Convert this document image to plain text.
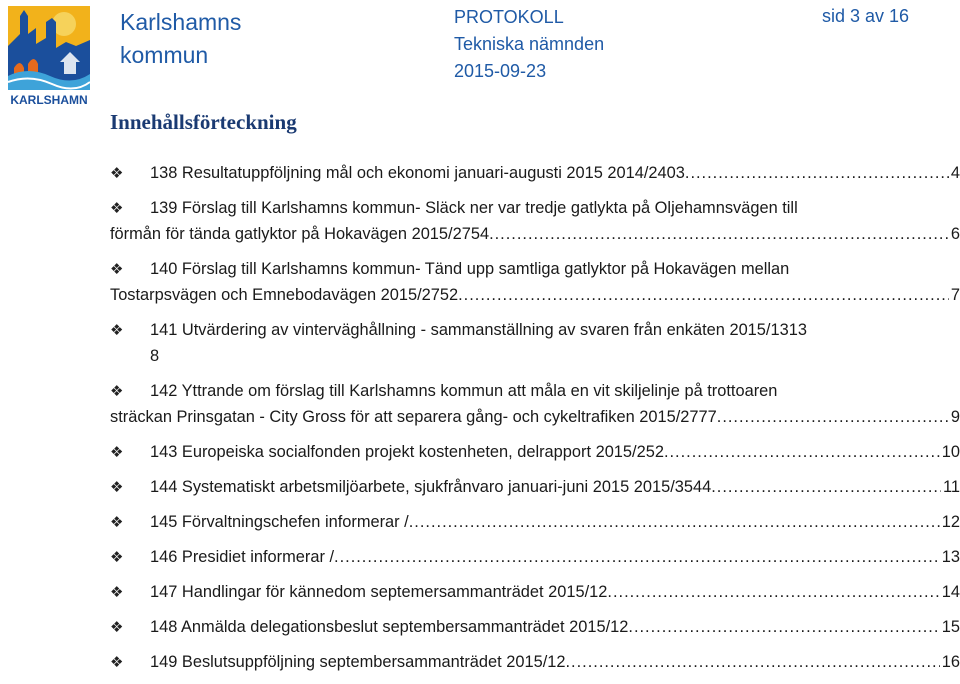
KARLSHAMN
Karlshamns
kommun
PROTOKOLL
Tekniska nämnden
2015-09-23
sid 3 av 16
Innehållsförteckning
❖ 138 Resultatuppföljning mål och ekonomi januari-augusti 2015 2014/2403 .....	4
❖	139 Förslag till Karlshamns kommun- Släck ner var tredje gatlykta på Oljehamnsvägen till
förmån för tända gatlyktor på Hokavägen 2015/2754 .....	6
❖	140 Förslag till Karlshamns kommun- Tänd upp samtliga gatlyktor på Hokavägen mellan
Tostarpsvägen och Emnebodavägen 2015/2752 .....	7
❖ 141 Utvärdering av vinterväghållning - sammanställning av svaren från enkäten 2015/1313
8
❖	142 Yttrande om förslag till Karlshamns kommun att måla en vit skiljelinje på trottoaren
sträckan Prinsgatan - City Gross för att separera gång- och cykeltrafiken 2015/2777 .....	9
❖ 143 Europeiska socialfonden projekt kostenheten, delrapport 2015/252 .....	10
❖ 144 Systematiskt arbetsmiljöarbete, sjukfrånvaro januari-juni 2015 2015/3544 .....	11
❖ 145 Förvaltningschefen informerar / .....	12
❖ 146 Presidiet informerar / .....	13
❖ 147 Handlingar för kännedom septemersammanträdet 2015/12 .....	14
❖ 148 Anmälda delegationsbeslut septembersammanträdet 2015/12 .....	15
❖ 149 Beslutsuppföljning septembersammanträdet 2015/12 .....	16
